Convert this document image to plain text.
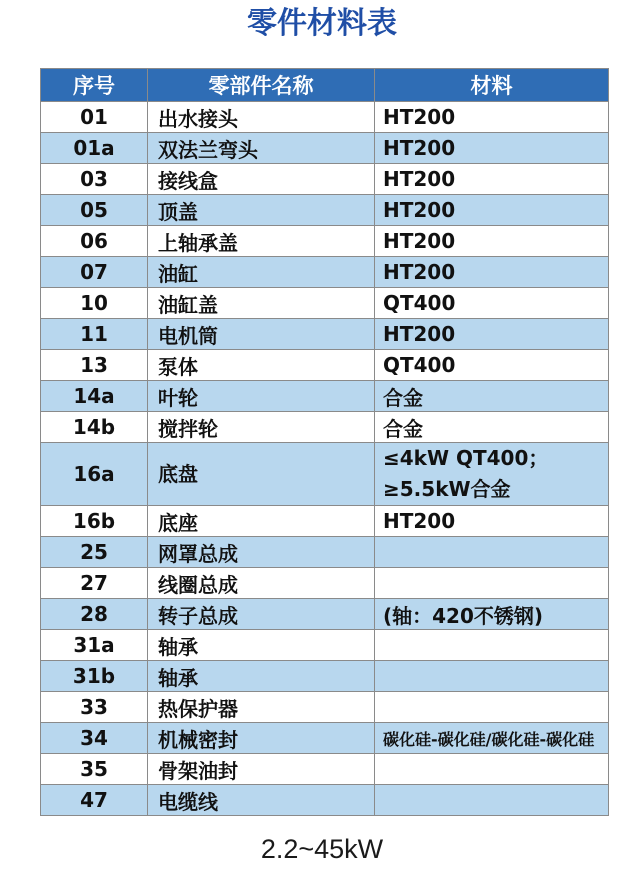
零件材料表
序号	零部件名称	材料
01	出水接头	HT200
01a	双法兰弯头	HT200
03	接线盒	HT200
05	顶盖	HT200
06	上轴承盖	HT200
07	油缸	HT200
10	油缸盖	QT400
11	电机筒	HT200
13	泵体	QT400
14a	叶轮	合金
14b	搅拌轮	合金
16a	底盘	≤4kW QT400；
≥5.5kW合金

16b	底座	HT200
25	网罩总成	
27	线圈总成	
28	转子总成	(轴：420不锈钢)
31a	轴承	
31b	轴承	
33	热保护器	
34	机械密封	碳化硅-碳化硅/碳化硅-碳化硅
35	骨架油封	
47	电缆线	
2.2~45kW
